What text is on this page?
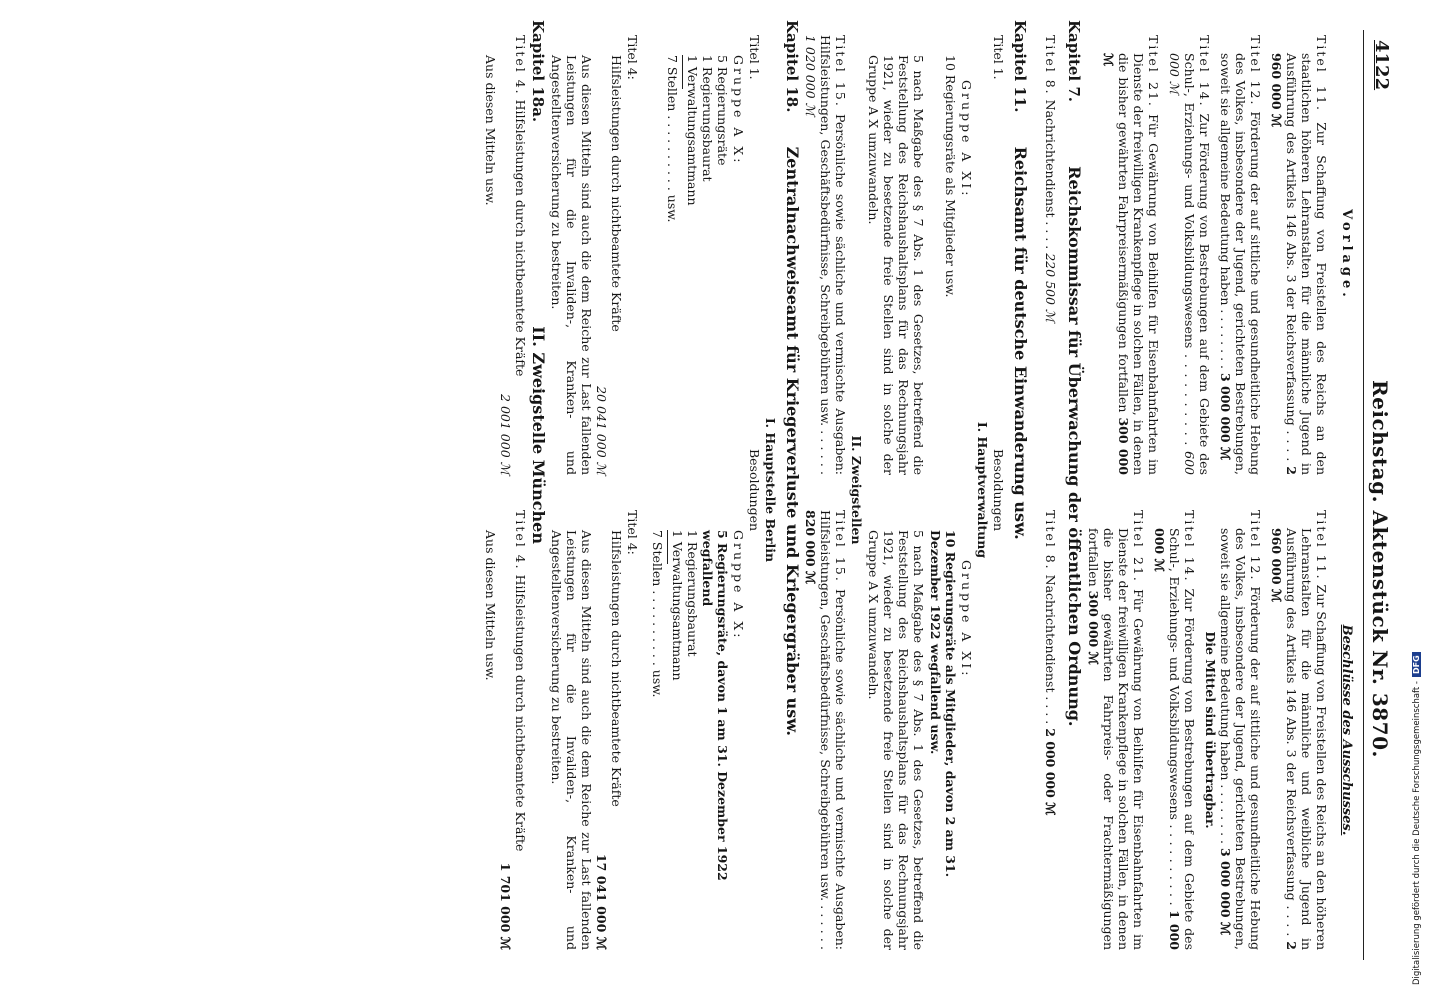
4122
Reichstag. Aktenstück Nr. 3870.
Vorlage.
Titel 11. Zur Schaffung von Freistellen des Reichs an den staatlichen höheren Lehranstalten für die männliche Jugend in Ausführung des Artikels 146 Abs. 3 der Reichsverfassung . . . . 2 960 000 ℳ
Titel 12. Förderung der auf sittliche und gesundheitliche Hebung des Volkes, insbesondere der Jugend, gerichteten Bestrebungen, soweit sie allgemeine Bedeutung haben . . . . . . . . 3 000 000 ℳ
Titel 14. Zur Förderung von Bestrebungen auf dem Gebiete des Schul-, Erziehungs- und Volksbildungswesens . . . . . . . . . . 600 000 ℳ
Titel 21. Für Gewährung von Beihilfen für Eisenbahnfahrten im Dienste der freiwilligen Krankenpflege in solchen Fällen, in denen die bisher gewährten Fahrpreisermäßigungen fortfallen 300 000 ℳ
Beschlüsse des Ausschusses.
Titel 11. Zur Schaffung von Freistellen des Reichs an den höheren Lehranstalten für die männliche und weibliche Jugend in Ausführung des Artikels 146 Abs. 3 der Reichsverfassung . . . . 2 960 000 ℳ
Titel 12. Förderung der auf sittliche und gesundheitliche Hebung des Volkes, insbesondere der Jugend, gerichteten Bestrebungen, soweit sie allgemeine Bedeutung haben . . . . . . . . 3 000 000 ℳ
Die Mittel sind übertragbar.
Titel 14. Zur Förderung von Bestrebungen auf dem Gebiete des Schul-, Erziehungs- und Volksbildungswesens . . . . . . . . . . 1 000 000 ℳ
Titel 21. Für Gewährung von Beihilfen für Eisenbahnfahrten im Dienste der freiwilligen Krankenpflege in solchen Fällen, in denen die bisher gewährten Fahrpreis- oder Frachtermäßigungen fortfallen 300 000 ℳ
Kapitel 7. Reichskommissar für Überwachung der öffentlichen Ordnung.
Titel 8. Nachrichtendienst . . . . 220 500 ℳ
Titel 8. Nachrichtendienst . . . . 2 000 000 ℳ
Kapitel 11. Reichsamt für deutsche Einwanderung usw.
Titel 1.
Besoldungen
I. Hauptverwaltung
Gruppe A XI:
Gruppe A XI:
10 Regierungsräte als Mitglieder usw.
10 Regierungsräte als Mitglieder, davon 2 am 31. Dezember 1922 wegfallend usw.
5 nach Maßgabe des § 7 Abs. 1 des Gesetzes, betreffend die Feststellung des Reichshaushaltsplans für das Rechnungsjahr 1921, wieder zu besetzende freie Stellen sind in solche der Gruppe A X umzuwandeln.
5 nach Maßgabe des § 7 Abs. 1 des Gesetzes, betreffend die Feststellung des Reichshaushaltsplans für das Rechnungsjahr 1921, wieder zu besetzende freie Stellen sind in solche der Gruppe A X umzuwandeln.
II. Zweigstellen
Titel 15. Persönliche sowie sächliche und vermischte Ausgaben: Hilfsleistungen, Geschäftsbedürfnisse, Schreibgebühren usw. . . . . . . 1 020 000 ℳ
Titel 15. Persönliche sowie sächliche und vermischte Ausgaben: Hilfsleistungen, Geschäftsbedürfnisse, Schreibgebühren usw. . . . . . . 820 000 ℳ
Kapitel 18. Zentralnachweiseamt für Kriegerverluste und Kriegergräber usw.
I. Hauptstelle Berlin
Titel 1.
Besoldungen
Gruppe A X:
Gruppe A X:
5 Regierungsräte
1 Regierungsbaurat
1 Verwaltungsamtmann
7 Stellen . . . . . . . . . . usw.
5 Regierungsräte, davon 1 am 31. Dezember 1922 wegfallend
1 Regierungsbaurat
1 Verwaltungsamtmann
7 Stellen . . . . . . . . . . usw.
Titel 4:
Titel 4:
Hilfsleistungen durch nichtbeamtete Kräfte
20 041 000 ℳ
Aus diesen Mitteln sind auch die dem Reiche zur Last fallenden Leistungen für die Invaliden-, Kranken- und Angestelltenversicherung zu bestreiten.
Hilfsleistungen durch nichtbeamtete Kräfte
17 041 000 ℳ
Aus diesen Mitteln sind auch die dem Reiche zur Last fallenden Leistungen für die Invaliden-, Kranken- und Angestelltenversicherung zu bestreiten.
Kapitel 18a. II. Zweigstelle München
Titel 4. Hilfsleistungen durch nichtbeamtete Kräfte
2 001 000 ℳ
Aus diesen Mitteln usw.
Titel 4. Hilfsleistungen durch nichtbeamtete Kräfte
1 701 000 ℳ
Aus diesen Mitteln usw.
Digitalisierung gefördert durch die Deutsche Forschungsgemeinschaft -DFG
